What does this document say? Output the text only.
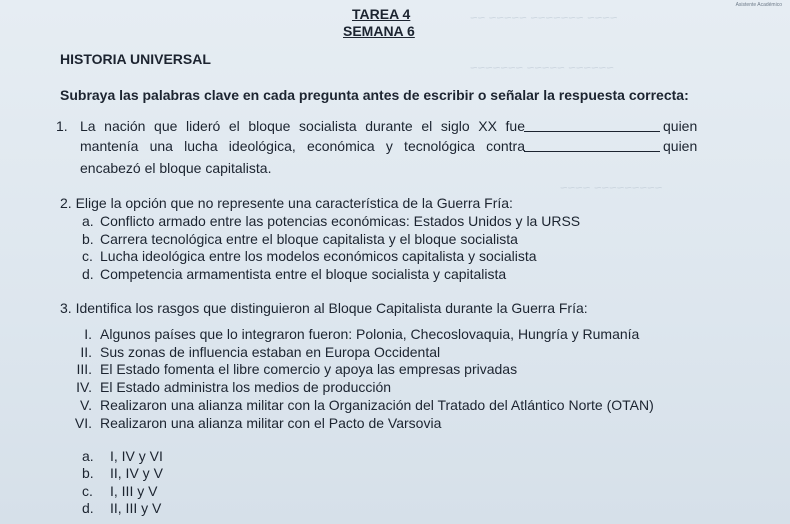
~~~~ ~~~~~~~ ~~~~~ ~~
~~~~~~ ~~~~~ ~~~~~~~
~~~~~~~~~ ~~~~
Asistente Académico
TAREA 4
SEMANA 6
HISTORIA UNIVERSAL
Subraya las palabras clave en cada pregunta antes de escribir o señalar la respuesta correcta:
1. La nación que lideró el bloque socialista durante el siglo XX fue	quien
mantenía una lucha ideológica, económica y tecnológica contra	quien
encabezó el bloque capitalista.
2. Elige la opción que no represente una característica de la Guerra Fría:
a. Conflicto armado entre las potencias económicas: Estados Unidos y la URSS
b. Carrera tecnológica entre el bloque capitalista y el bloque socialista
c. Lucha ideológica entre los modelos económicos capitalista y socialista
d. Competencia armamentista entre el bloque socialista y capitalista
3. Identifica los rasgos que distinguieron al Bloque Capitalista durante la Guerra Fría:
I. Algunos países que lo integraron fueron: Polonia, Checoslovaquia, Hungría y Rumanía
II. Sus zonas de influencia estaban en Europa Occidental
III. El Estado fomenta el libre comercio y apoya las empresas privadas
IV. El Estado administra los medios de producción
V. Realizaron una alianza militar con la Organización del Tratado del Atlántico Norte (OTAN)
VI. Realizaron una alianza militar con el Pacto de Varsovia
a. I, IV y VI
b. II, IV y V
c. I, III y V
d. II, III y V
